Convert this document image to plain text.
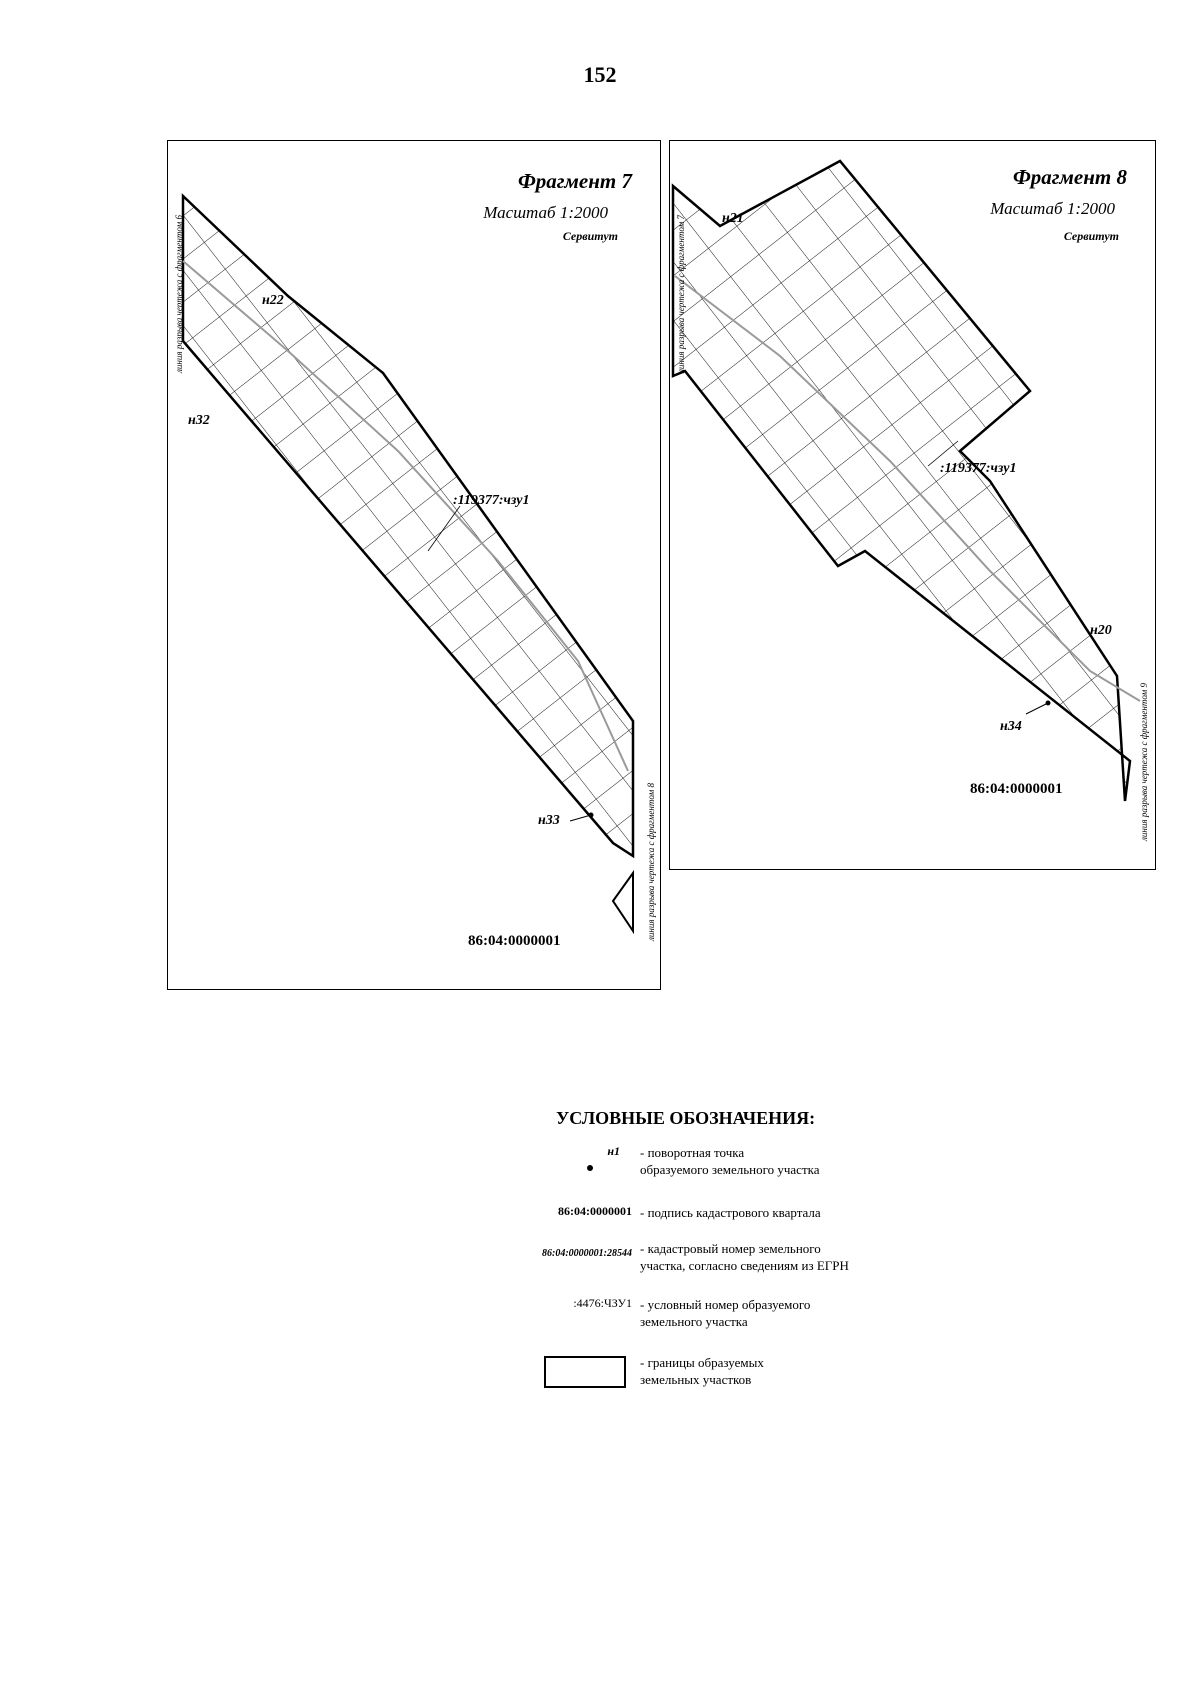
152
линия разрыва чертежа с фрагментом 6
линия разрыва чертежа с фрагментом 8
Фрагмент 7
Масштаб 1:2000
Сервитут
н22
н32
н33
:119377:чзу1
86:04:0000001
линия разрыва чертежа с фрагментом 7
линия разрыва чертежа с фрагментом 9
Фрагмент 8
Масштаб 1:2000
Сервитут
н21
н20
н34
:119377:чзу1
86:04:0000001
УСЛОВНЫЕ ОБОЗНАЧЕНИЯ:
н1 - поворотная точка
образуемого земельного участка
86:04:0000001 - подпись кадастрового квартала
86:04:0000001:28544 - кадастровый номер земельного
участка, согласно сведениям из ЕГРН
:4476:ЧЗУ1 - условный номер образуемого
земельного участка
- границы образуемых
земельных участков
